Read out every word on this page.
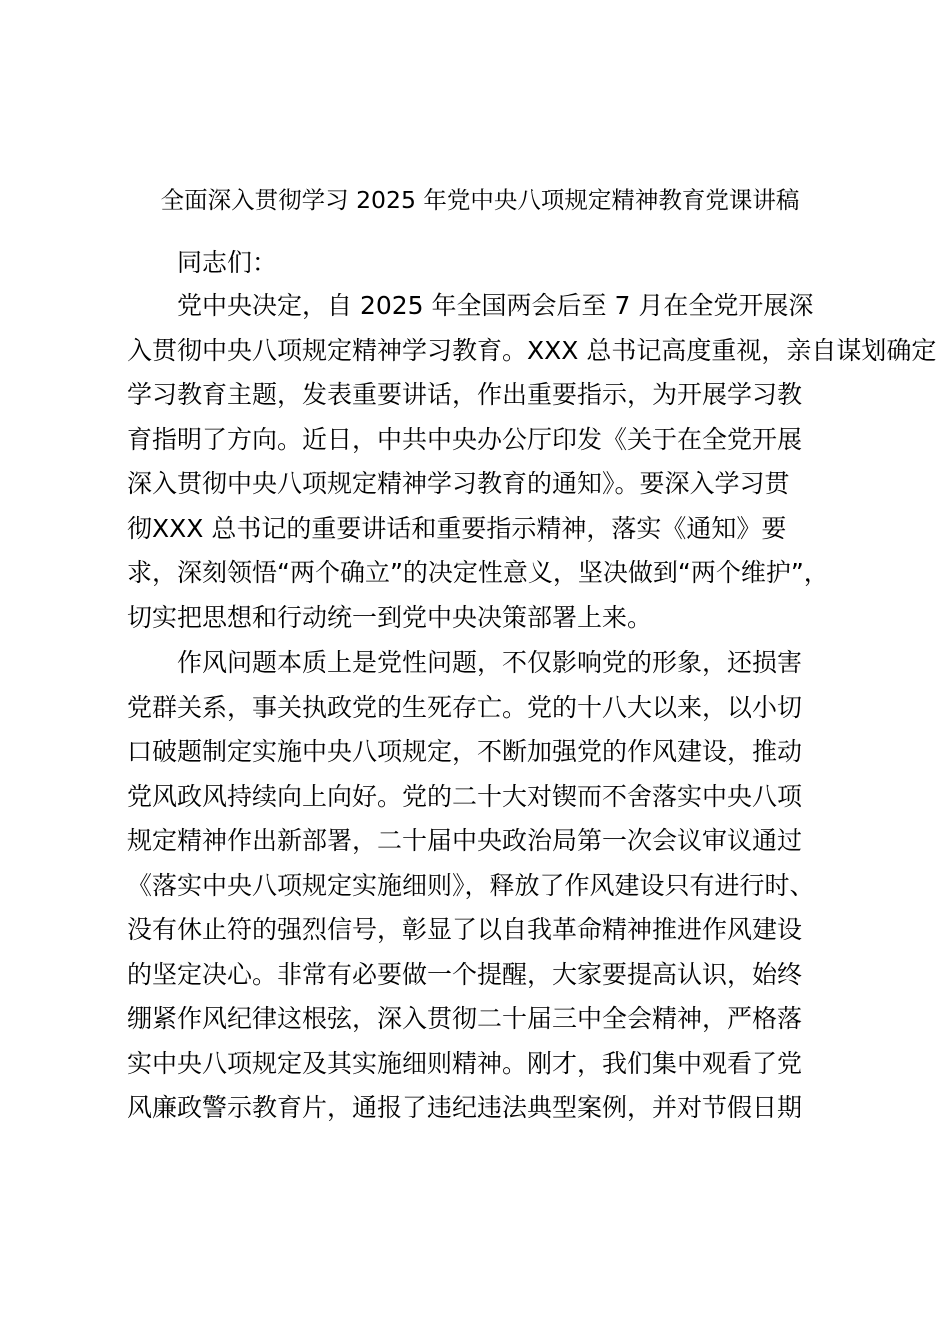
全面深入贯彻学习 2025 年党中央八项规定精神教育党课讲稿

同志们：

党中央决定，自 2025 年全国两会后至 7 月在全党开展深
入贯彻中央八项规定精神学习教育。XXX 总书记高度重视，亲自谋划确定
学习教育主题，发表重要讲话，作出重要指示，为开展学习教
育指明了方向。近日，中共中央办公厅印发《关于在全党开展
深入贯彻中央八项规定精神学习教育的通知》。要深入学习贯
彻XXX 总书记的重要讲话和重要指示精神，落实《通知》要
求，深刻领悟“两个确立”的决定性意义，坚决做到“两个维护”，
切实把思想和行动统一到党中央决策部署上来。
作风问题本质上是党性问题，不仅影响党的形象，还损害
党群关系，事关执政党的生死存亡。党的十八大以来，以小切
口破题制定实施中央八项规定，不断加强党的作风建设，推动
党风政风持续向上向好。党的二十大对锲而不舍落实中央八项
规定精神作出新部署，二十届中央政治局第一次会议审议通过
《落实中央八项规定实施细则》，释放了作风建设只有进行时、
没有休止符的强烈信号，彰显了以自我革命精神推进作风建设
的坚定决心。非常有必要做一个提醒，大家要提高认识，始终
绷紧作风纪律这根弦，深入贯彻二十届三中全会精神，严格落
实中央八项规定及其实施细则精神。刚才，我们集中观看了党
风廉政警示教育片，通报了违纪违法典型案例，并对节假日期
